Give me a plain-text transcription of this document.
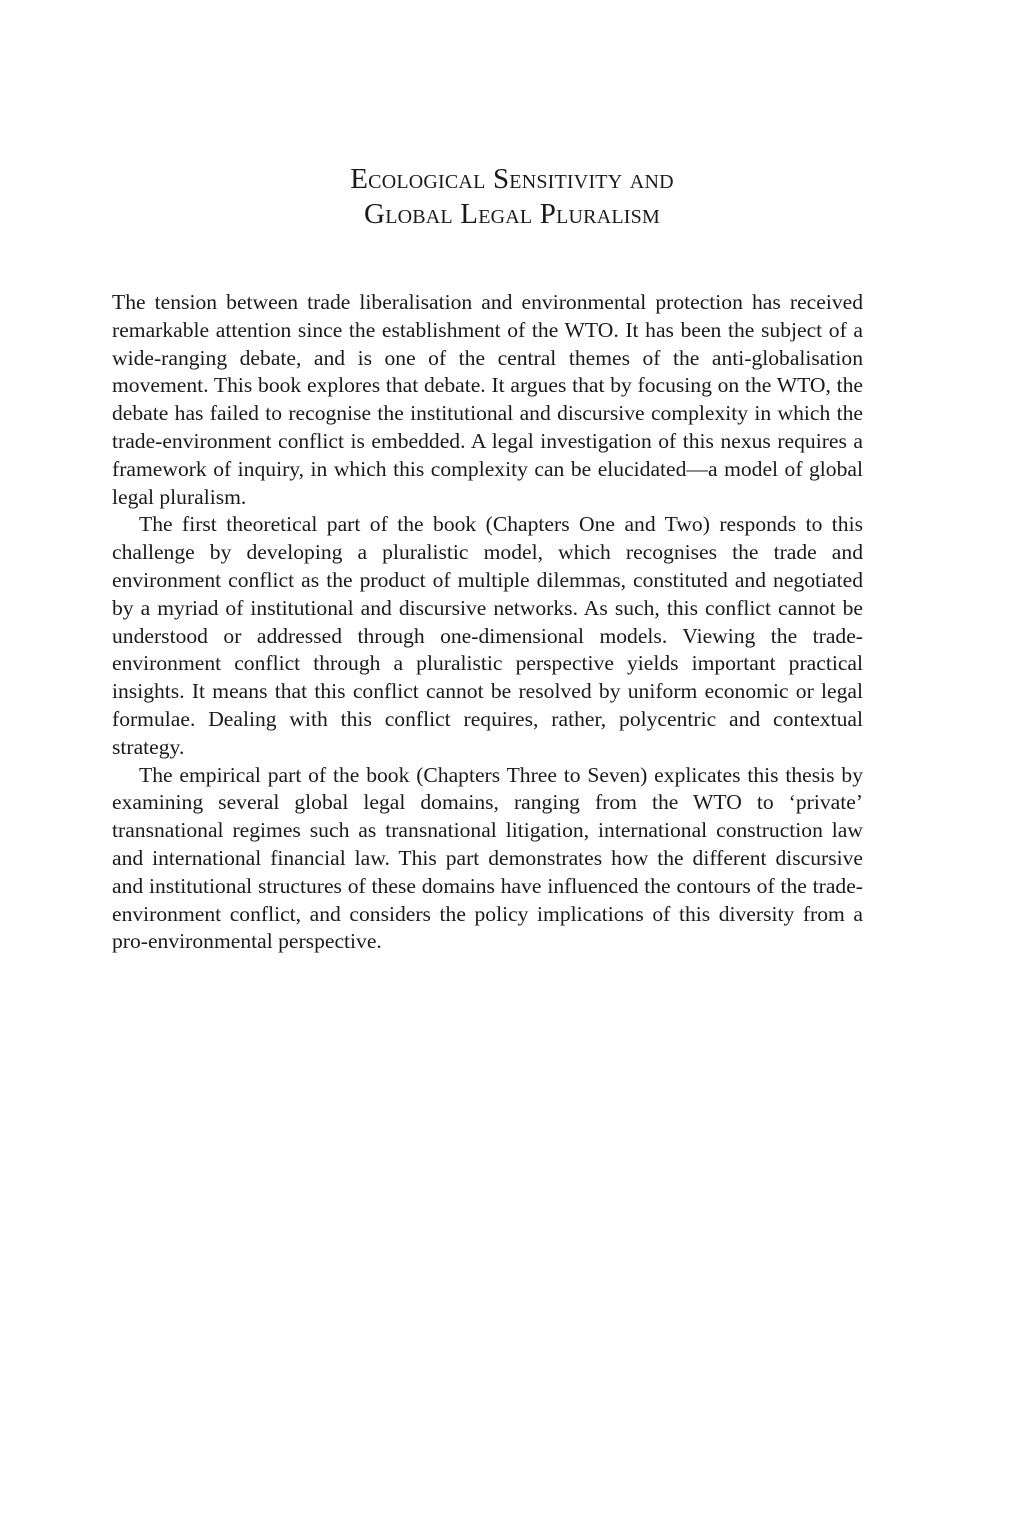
Ecological Sensitivity and
Global Legal Pluralism

The tension between trade liberalisation and environmental protection has received remarkable attention since the establishment of the WTO. It has been the subject of a wide-ranging debate, and is one of the central themes of the anti-globalisation movement. This book explores that debate. It argues that by focusing on the WTO, the debate has failed to recognise the institutional and discursive complexity in which the trade-environment conflict is embedded. A legal investigation of this nexus requires a framework of inquiry, in which this complexity can be elucidated—a model of global legal pluralism.

The first theoretical part of the book (Chapters One and Two) responds to this challenge by developing a pluralistic model, which recognises the trade and environment conflict as the product of multiple dilemmas, constituted and negotiated by a myriad of institutional and discursive networks. As such, this conflict cannot be understood or addressed through one-dimensional models. Viewing the trade-environment conflict through a pluralistic perspective yields important practical insights. It means that this conflict cannot be resolved by uniform economic or legal formulae. Dealing with this conflict requires, rather, polycentric and contextual strategy.

The empirical part of the book (Chapters Three to Seven) explicates this thesis by examining several global legal domains, ranging from the WTO to ‘private’ transnational regimes such as transnational litigation, international construction law and international financial law. This part demonstrates how the different discursive and institutional structures of these domains have influenced the contours of the trade-environment conflict, and considers the policy implications of this diversity from a pro-environmental perspective.
